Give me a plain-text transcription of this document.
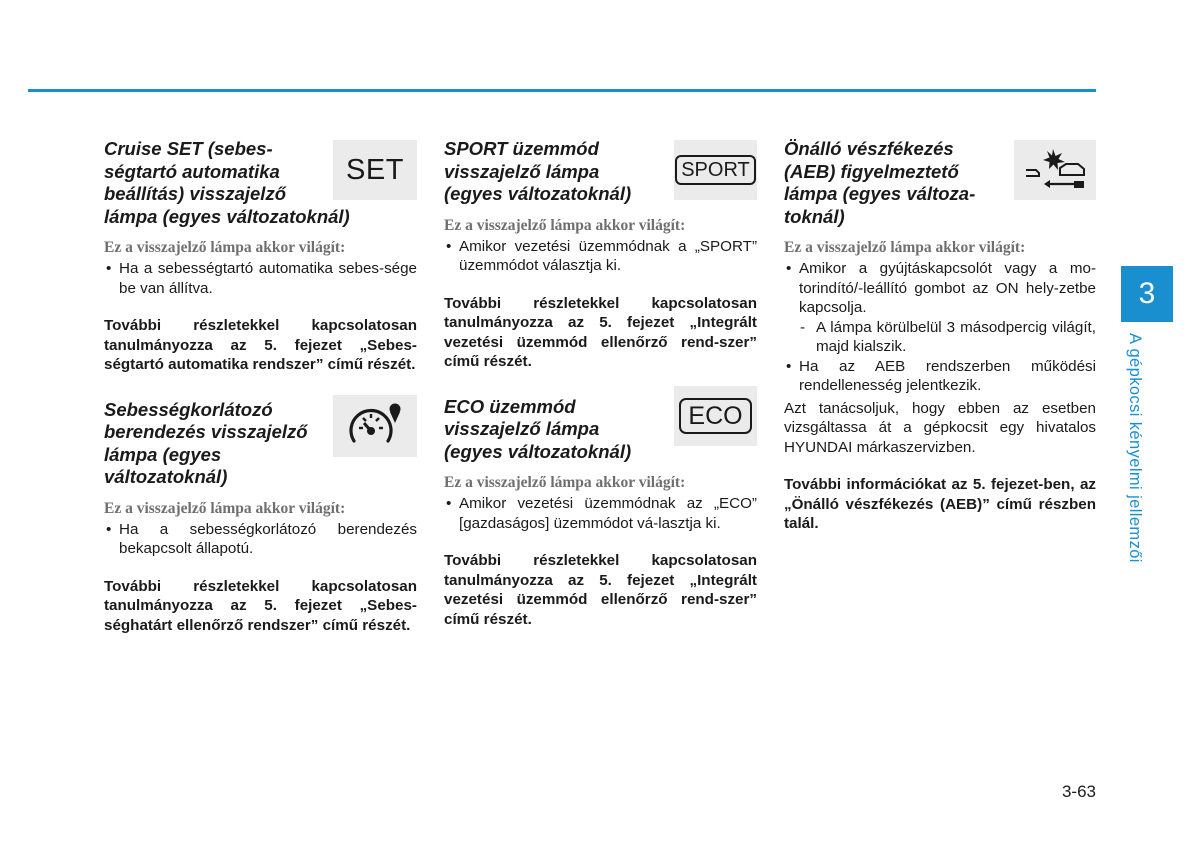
Cruise SET (sebes-
ségtartó automatika
beállítás) visszajelző
lámpa (egyes változatoknál)
SET
Ez a visszajelző lámpa akkor világít:
• Ha a sebességtartó automatika sebes-sége be van állítva.

További részletekkel kapcsolatosan tanulmányozza az 5. fejezet „Sebes-ségtartó automatika rendszer” című részét.

Sebességkorlátozó
berendezés visszajelző
lámpa (egyes
változatoknál)
Ez a visszajelző lámpa akkor világít:
• Ha a sebességkorlátozó berendezés bekapcsolt állapotú.

További részletekkel kapcsolatosan tanulmányozza az 5. fejezet „Sebes-séghatárt ellenőrző rendszer” című részét.

SPORT üzemmód
visszajelző lámpa
(egyes változatoknál)
SPORT
Ez a visszajelző lámpa akkor világít:
• Amikor vezetési üzemmódnak a „SPORT” üzemmódot választja ki.

További részletekkel kapcsolatosan tanulmányozza az 5. fejezet „Integrált vezetési üzemmód ellenőrző rend-szer” című részét.

ECO üzemmód
visszajelző lámpa
(egyes változatoknál)
ECO
Ez a visszajelző lámpa akkor világít:
• Amikor vezetési üzemmódnak az „ECO” [gazdaságos] üzemmódot vá-lasztja ki.

További részletekkel kapcsolatosan tanulmányozza az 5. fejezet „Integrált vezetési üzemmód ellenőrző rend-szer” című részét.

Önálló vészfékezés
(AEB) figyelmeztető
lámpa (egyes változa-
toknál)
Ez a visszajelző lámpa akkor világít:
• Amikor a gyújtáskapcsolót vagy a mo-torindító/-leállító gombot az ON hely-zetbe kapcsolja.
- A lámpa körülbelül 3 másodpercig világít, majd kialszik.
• Ha az AEB rendszerben működési rendellenesség jelentkezik.

Azt tanácsoljuk, hogy ebben az esetben vizsgáltassa át a gépkocsit egy hivatalos HYUNDAI márkaszervizben.

További információkat az 5. fejezet-ben, az „Önálló vészfékezés (AEB)” című részben talál.

3
A gépkocsi kényelmi jellemzői
3-63
